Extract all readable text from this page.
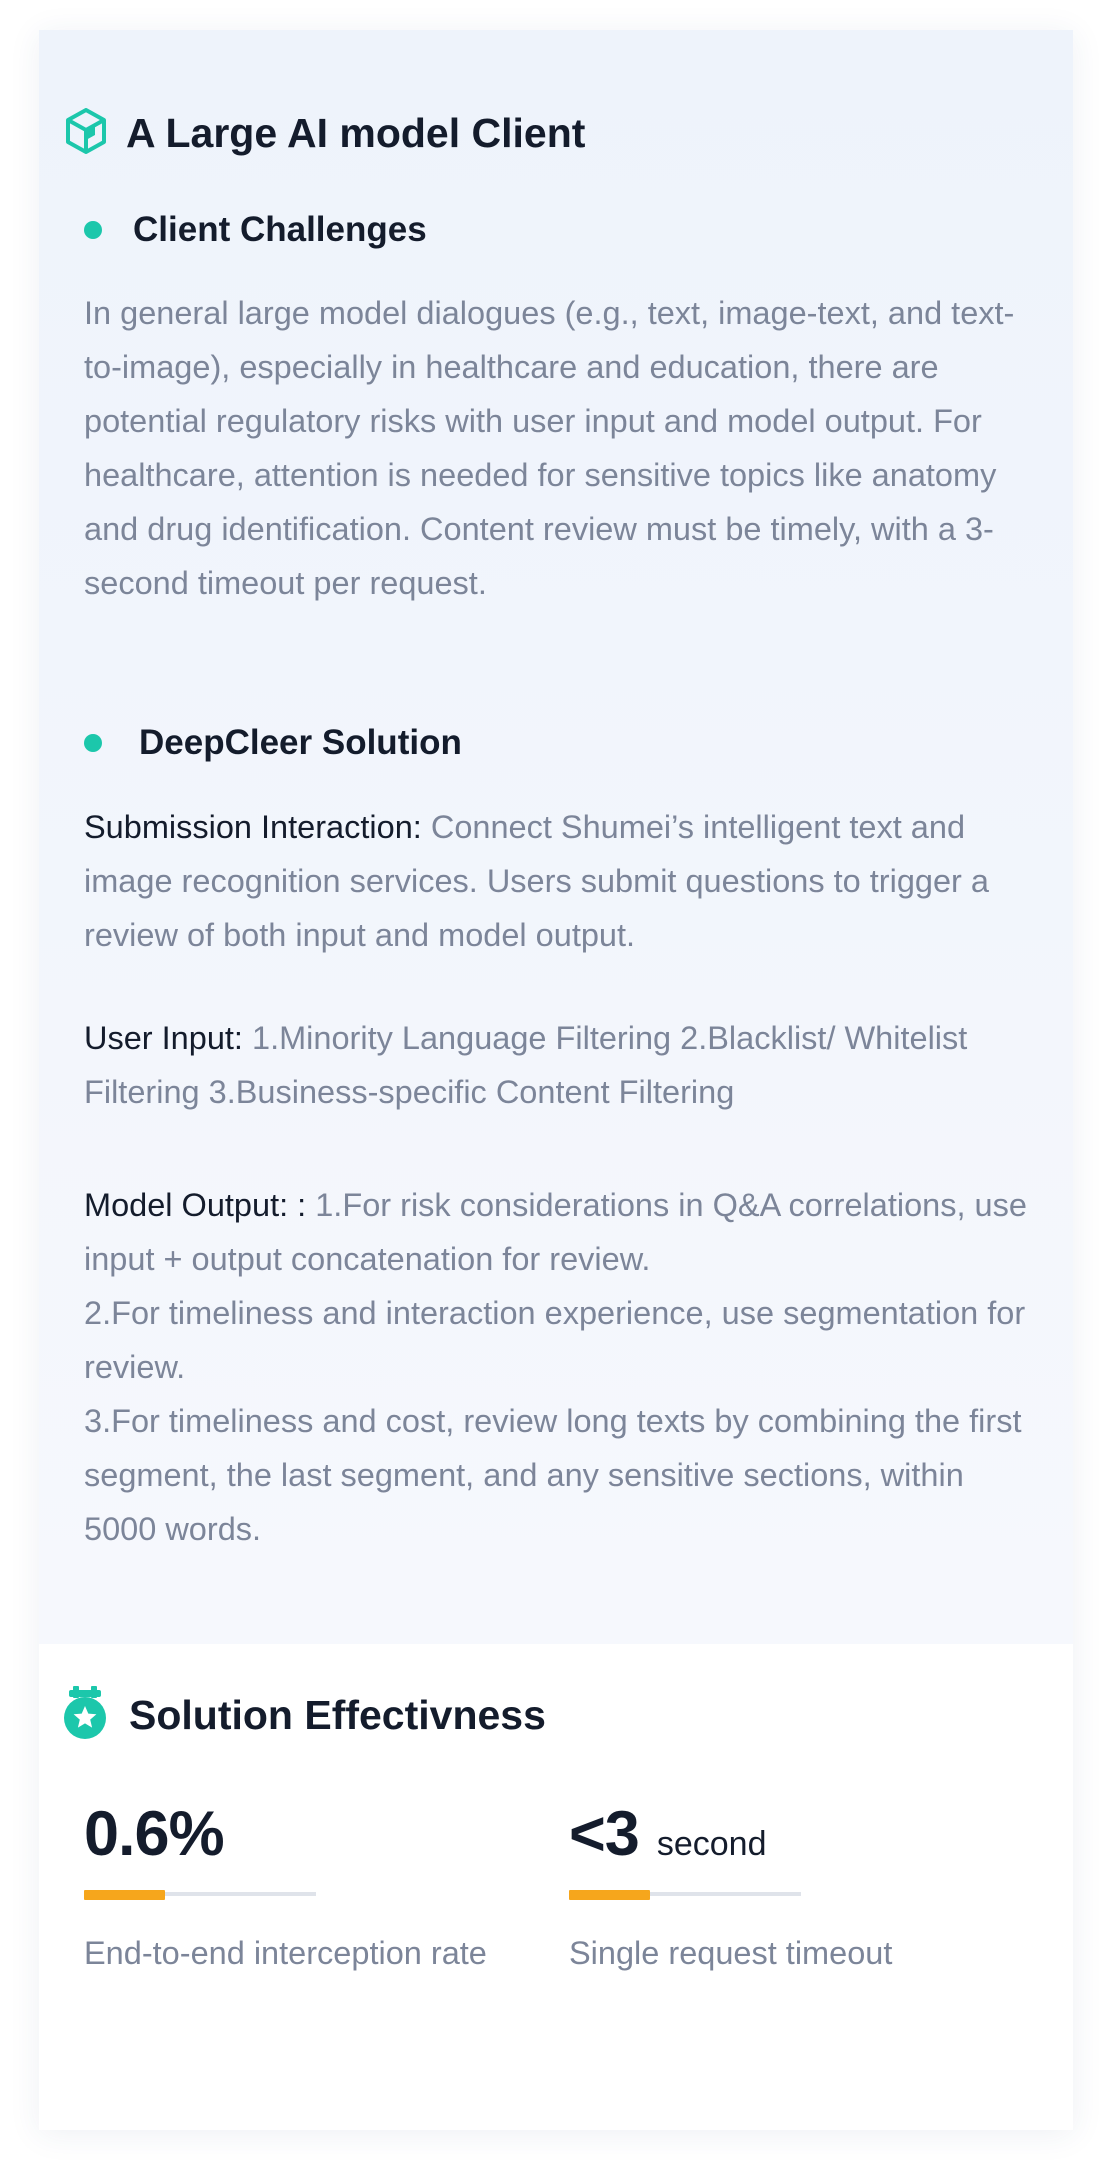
A Large AI model Client
Client Challenges
In general large model dialogues (e.g., text, image-text, and text-to-image), especially in healthcare and education, there are potential regulatory risks with user input and model output. For healthcare, attention is needed for sensitive topics like anatomy and drug identification. Content review must be timely, with a 3-second timeout per request.
DeepCleer Solution
Submission Interaction: Connect Shumei’s intelligent text and image recognition services. Users submit questions to trigger a review of both input and model output.
User Input: 1.Minority Language Filtering 2.Blacklist/ Whitelist Filtering 3.Business-specific Content Filtering
Model Output: : 1.For risk considerations in Q&A correlations, use input + output concatenation for review.
2.For timeliness and interaction experience, use segmentation for review.
3.For timeliness and cost, review long texts by combining the first segment, the last segment, and any sensitive sections, within 5000 words.
Solution Effectivness
0.6%
End-to-end interception rate
<3 second
Single request timeout
